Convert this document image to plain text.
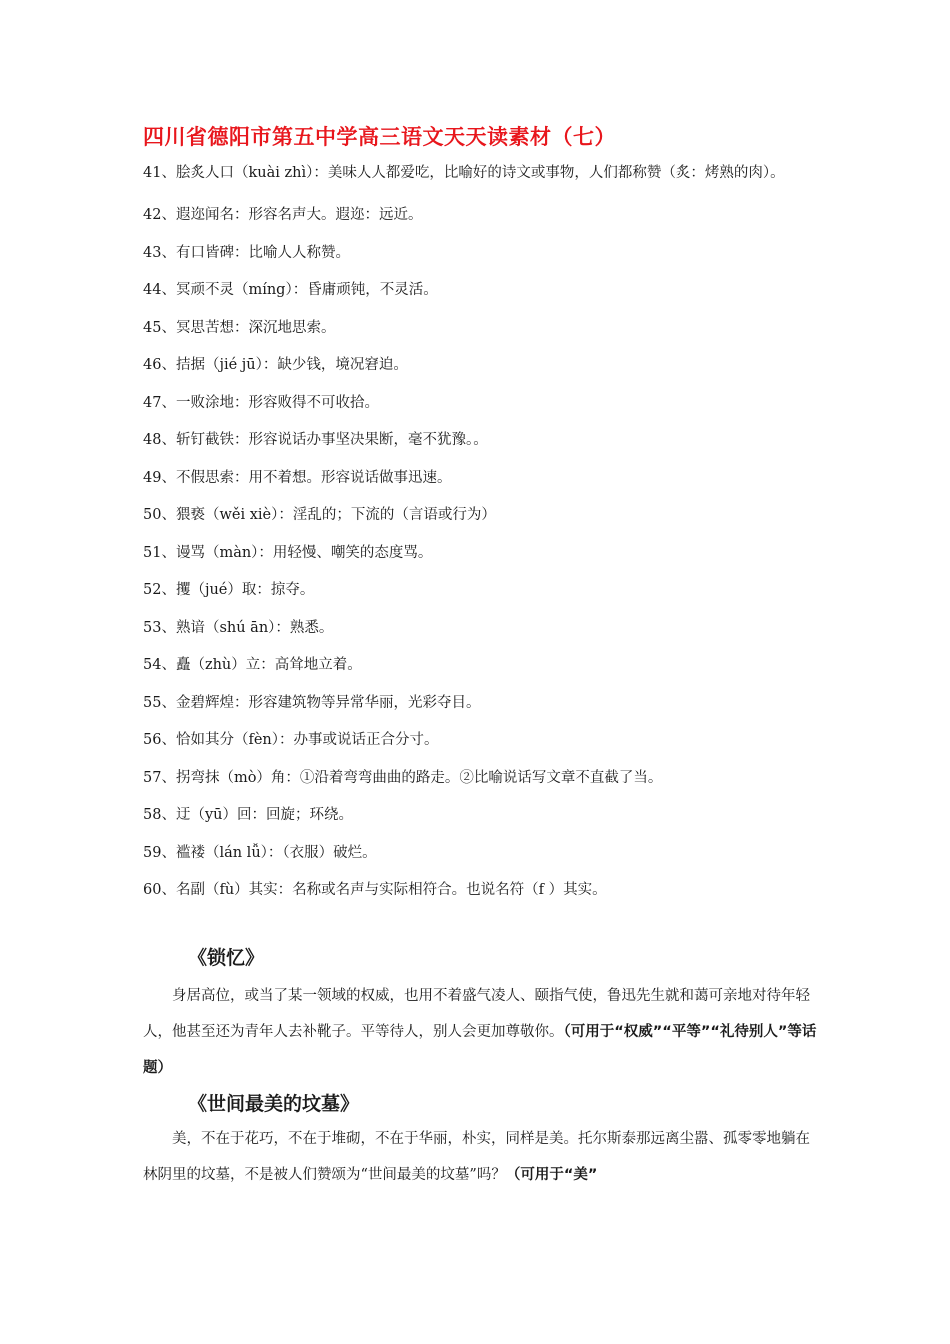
四川省德阳市第五中学高三语文天天读素材（七）
41、脍炙人口（kuài zhì）：美味人人都爱吃，比喻好的诗文或事物，人们都称赞（炙：烤熟的肉）。
42、遐迩闻名：形容名声大。遐迩：远近。
43、有口皆碑：比喻人人称赞。
44、冥顽不灵（míng）：昏庸顽钝，不灵活。
45、冥思苦想：深沉地思索。
46、拮据（jié jū）：缺少钱，境况窘迫。
47、一败涂地：形容败得不可收拾。
48、斩钉截铁：形容说话办事坚决果断，毫不犹豫。。
49、不假思索：用不着想。形容说话做事迅速。
50、猥亵（wěi xiè）：淫乱的；下流的（言语或行为）
51、谩骂（màn）：用轻慢、嘲笑的态度骂。
52、攫（jué）取：掠夺。
53、熟谙（shú ān）：熟悉。
54、矗（zhù）立：高耸地立着。
55、金碧辉煌：形容建筑物等异常华丽，光彩夺目。
56、恰如其分（fèn）：办事或说话正合分寸。
57、拐弯抹（mò）角：①沿着弯弯曲曲的路走。②比喻说话写文章不直截了当。
58、迂（yū）回：回旋；环绕。
59、褴褛（lán lǚ）：（衣服）破烂。
60、名副（fù）其实：名称或名声与实际相符合。也说名符（f ）其实。
《锁忆》

身居高位，或当了某一领域的权威，也用不着盛气凌人、颐指气使，鲁迅先生就和蔼可亲地对待年轻人，他甚至还为青年人去补靴子。平等待人，别人会更加尊敬你。（可用于“权威”“平等”“礼待别人”等话题）

《世间最美的坟墓》

美，不在于花巧，不在于堆砌，不在于华丽，朴实，同样是美。托尔斯泰那远离尘嚣、孤零零地躺在林阴里的坟墓，不是被人们赞颂为“世间最美的坟墓”吗？（可用于“美”
